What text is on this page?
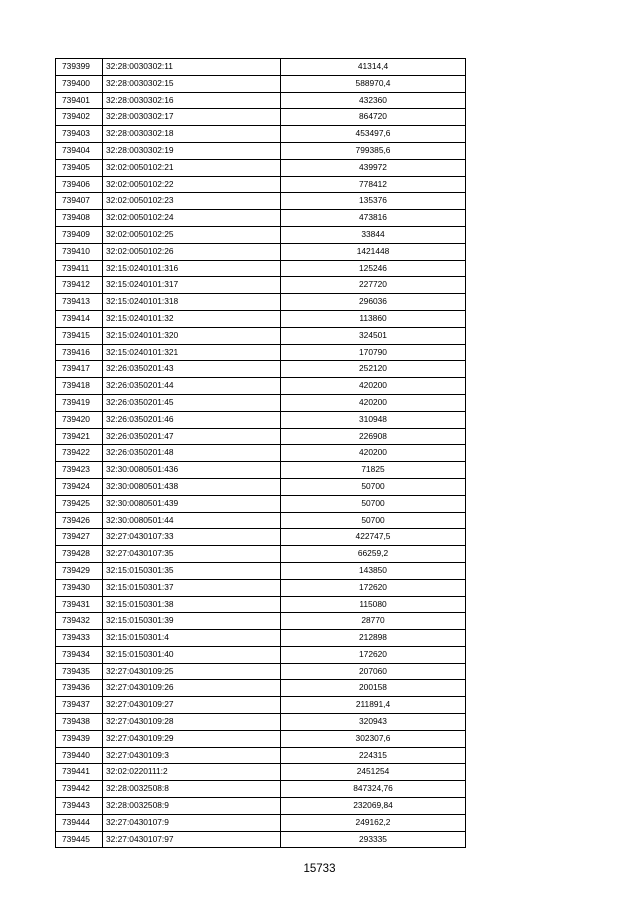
739399	32:28:0030302:11	41314,4
739400	32:28:0030302:15	588970,4
739401	32:28:0030302:16	432360
739402	32:28:0030302:17	864720
739403	32:28:0030302:18	453497,6
739404	32:28:0030302:19	799385,6
739405	32:02:0050102:21	439972
739406	32:02:0050102:22	778412
739407	32:02:0050102:23	135376
739408	32:02:0050102:24	473816
739409	32:02:0050102:25	33844
739410	32:02:0050102:26	1421448
739411	32:15:0240101:316	125246
739412	32:15:0240101:317	227720
739413	32:15:0240101:318	296036
739414	32:15:0240101:32	113860
739415	32:15:0240101:320	324501
739416	32:15:0240101:321	170790
739417	32:26:0350201:43	252120
739418	32:26:0350201:44	420200
739419	32:26:0350201:45	420200
739420	32:26:0350201:46	310948
739421	32:26:0350201:47	226908
739422	32:26:0350201:48	420200
739423	32:30:0080501:436	71825
739424	32:30:0080501:438	50700
739425	32:30:0080501:439	50700
739426	32:30:0080501:44	50700
739427	32:27:0430107:33	422747,5
739428	32:27:0430107:35	66259,2
739429	32:15:0150301:35	143850
739430	32:15:0150301:37	172620
739431	32:15:0150301:38	115080
739432	32:15:0150301:39	28770
739433	32:15:0150301:4	212898
739434	32:15:0150301:40	172620
739435	32:27:0430109:25	207060
739436	32:27:0430109:26	200158
739437	32:27:0430109:27	211891,4
739438	32:27:0430109:28	320943
739439	32:27:0430109:29	302307,6
739440	32:27:0430109:3	224315
739441	32:02:0220111:2	2451254
739442	32:28:0032508:8	847324,76
739443	32:28:0032508:9	232069,84
739444	32:27:0430107:9	249162,2
739445	32:27:0430107:97	293335
15733
